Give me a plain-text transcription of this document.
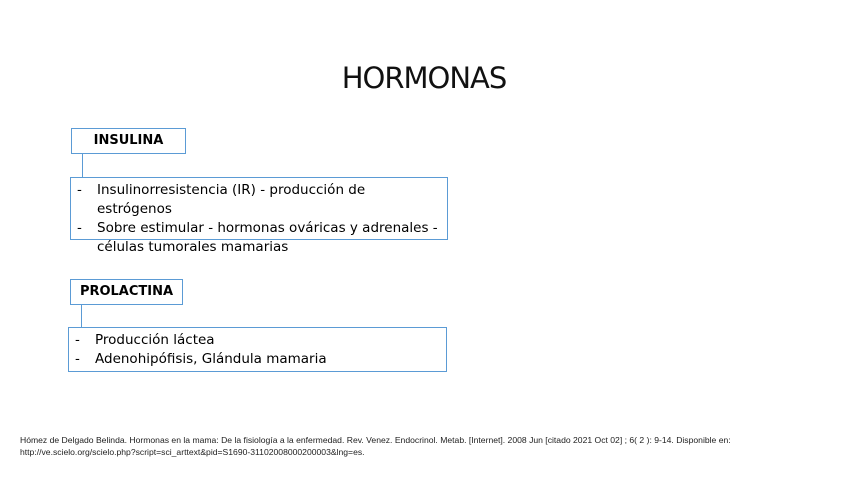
HORMONAS
INSULINA
- Insulinorresistencia (IR) - producción de estrógenos
- Sobre estimular - hormonas ováricas y adrenales - células tumorales mamarias
PROLACTINA
- Producción láctea
- Adenohipófisis, Glándula mamaria
Hómez de Delgado Belinda. Hormonas en la mama: De la fisiología a la enfermedad. Rev. Venez. Endocrinol. Metab. [Internet]. 2008 Jun [citado 2021 Oct 02] ; 6( 2 ): 9-14. Disponible en:
http://ve.scielo.org/scielo.php?script=sci_arttext&pid=S1690-31102008000200003&lng=es.
